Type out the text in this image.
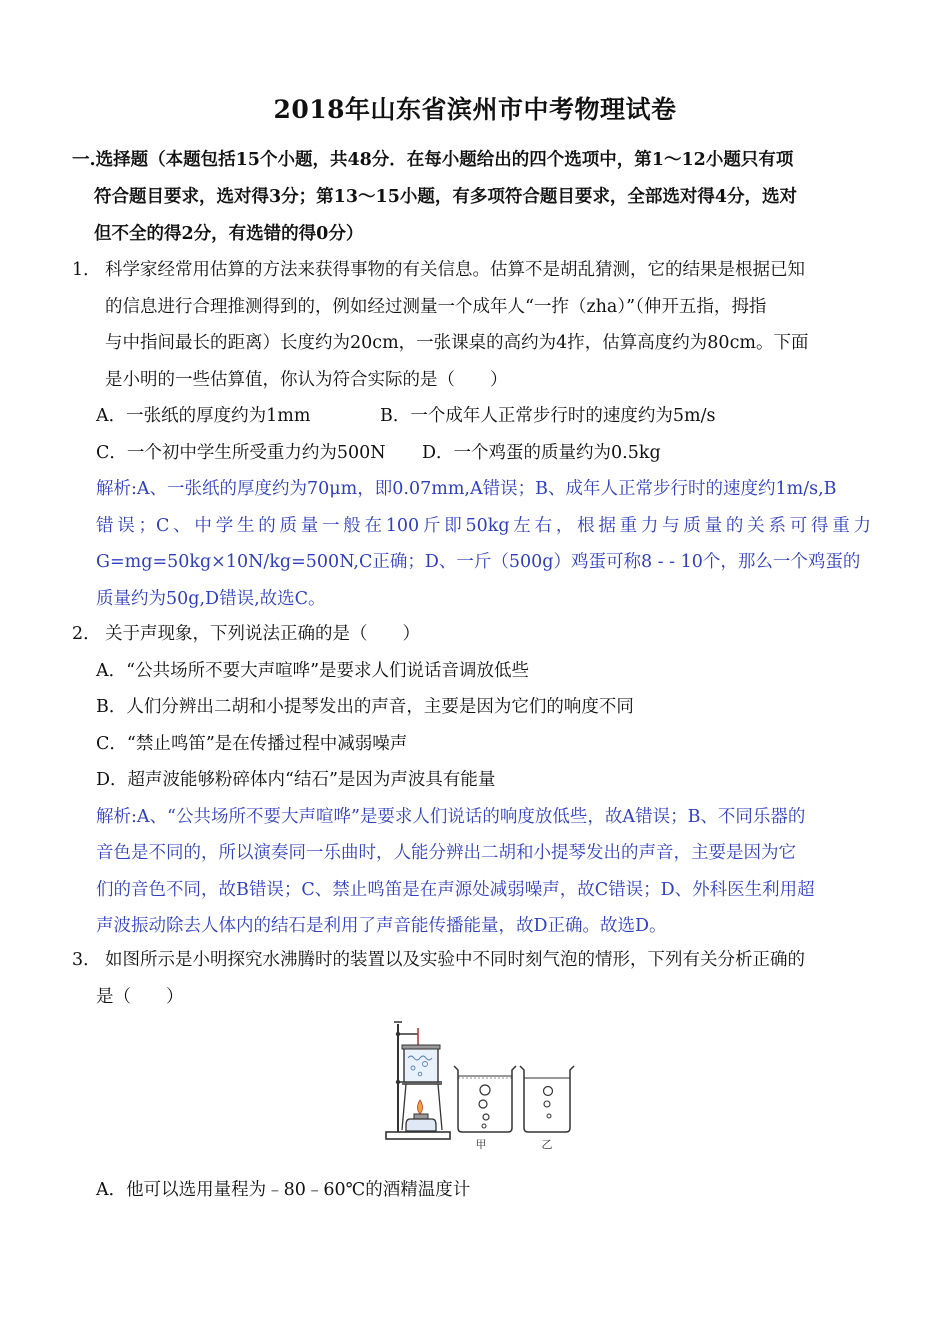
2018年山东省滨州市中考物理试卷
一.选择题（本题包括15个小题，共48分．在每小题给出的四个选项中，第1～12小题只有项
符合题目要求，选对得3分；第13～15小题，有多项符合题目要求，全部选对得4分，选对
但不全的得2分，有选错的得0分）
1． 科学家经常用估算的方法来获得事物的有关信息。估算不是胡乱猜测，它的结果是根据已知
的信息进行合理推测得到的，例如经过测量一个成年人“一拃（zha）”（伸开五指，拇指
与中指间最长的距离）长度约为20cm，一张课桌的高约为4拃，估算高度约为80cm。下面
是小明的一些估算值，你认为符合实际的是（　　）
A．一张纸的厚度约为1mm	B．一个成年人正常步行时的速度约为5m/s
C．一个初中学生所受重力约为500N D．一个鸡蛋的质量约为0.5kg
解析:A、一张纸的厚度约为70μm，即0.07mm,A错误；B、成年人正常步行时的速度约1m/s,B
错误；C、中学生的质量一般在100斤即50kg左右，根据重力与质量的关系可得重力
G=mg=50kg×10N/kg=500N,C正确；D、一斤（500g）鸡蛋可称8 - - 10个，那么一个鸡蛋的
质量约为50g,D错误,故选C。
2． 关于声现象，下列说法正确的是（　　）
A．“公共场所不要大声喧哗”是要求人们说话音调放低些
B．人们分辨出二胡和小提琴发出的声音，主要是因为它们的响度不同
C．“禁止鸣笛”是在传播过程中减弱噪声
D．超声波能够粉碎体内“结石”是因为声波具有能量
解析:A、“公共场所不要大声喧哗”是要求人们说话的响度放低些，故A错误；B、不同乐器的
音色是不同的，所以演奏同一乐曲时，人能分辨出二胡和小提琴发出的声音，主要是因为它
们的音色不同，故B错误；C、禁止鸣笛是在声源处减弱噪声，故C错误；D、外科医生利用超
声波振动除去人体内的结石是利用了声音能传播能量，故D正确。故选D。
3． 如图所示是小明探究水沸腾时的装置以及实验中不同时刻气泡的情形，下列有关分析正确的
是（　　）
甲	乙
A．他可以选用量程为﹣80﹣60℃的酒精温度计
